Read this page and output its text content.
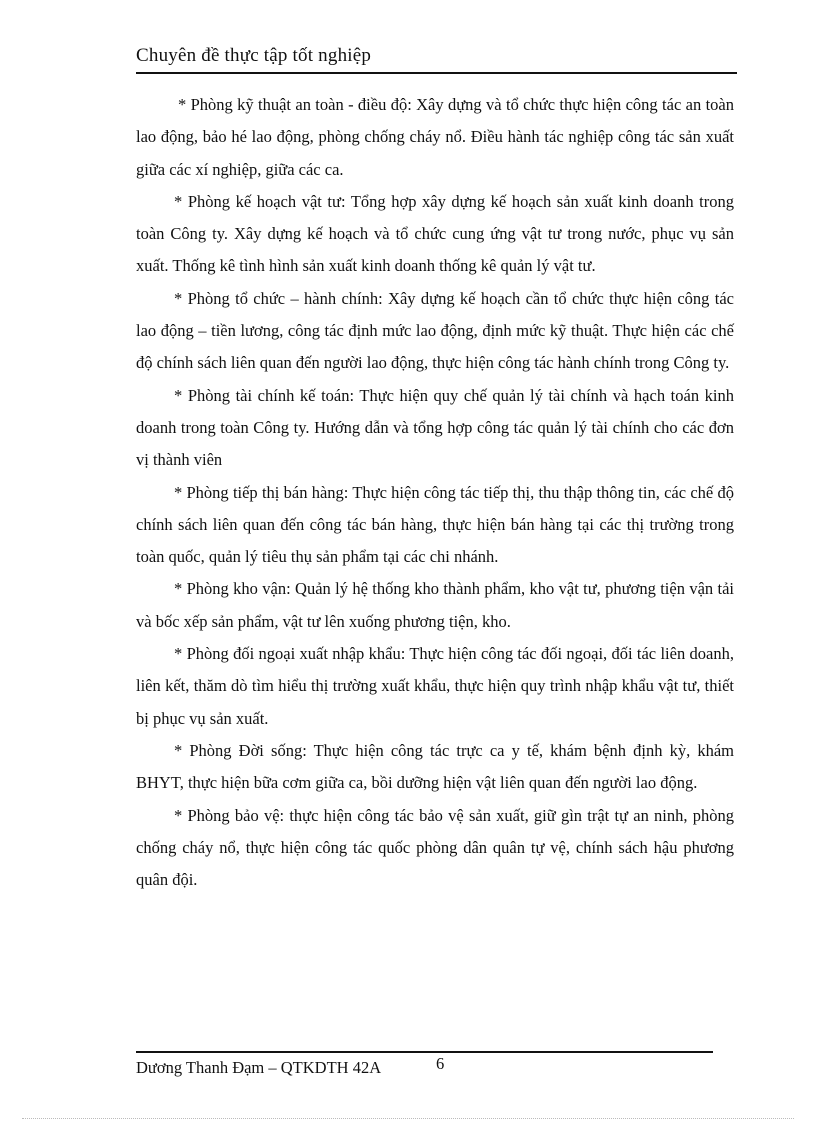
Chuyên đề thực tập tốt nghiệp

* Phòng kỹ thuật an toàn - điều độ: Xây dựng và tổ chức thực hiện công tác an toàn lao động, bảo hé lao động, phòng chống cháy nổ. Điều hành tác nghiệp công tác sản xuất giữa các xí nghiệp, giữa các ca.

* Phòng kế hoạch vật tư: Tổng hợp xây dựng kế hoạch sản xuất kinh doanh trong toàn Công ty. Xây dựng kế hoạch và tổ chức cung ứng vật tư trong nước, phục vụ sản xuất. Thống kê tình hình sản xuất kinh doanh thống kê quản lý vật tư.

* Phòng tổ chức – hành chính: Xây dựng kế hoạch cần tổ chức thực hiện công tác lao động – tiền lương, công tác định mức lao động, định mức kỹ thuật. Thực hiện các chế độ chính sách liên quan đến người lao động, thực hiện công tác hành chính trong Công ty.

* Phòng tài chính kế toán: Thực hiện quy chế quản lý tài chính và hạch toán kinh doanh trong toàn Công ty. Hướng dẫn và tổng hợp công tác quản lý tài chính cho các đơn vị thành viên

* Phòng tiếp thị bán hàng: Thực hiện công tác tiếp thị, thu thập thông tin, các chế độ chính sách liên quan đến công tác bán hàng, thực hiện bán hàng tại các thị trường trong toàn quốc, quản lý tiêu thụ sản phẩm tại các chi nhánh.

* Phòng kho vận: Quản lý hệ thống kho thành phẩm, kho vật tư, phương tiện vận tải và bốc xếp sản phẩm, vật tư lên xuống phương tiện, kho.

* Phòng đối ngoại xuất nhập khẩu: Thực hiện công tác đối ngoại, đối tác liên doanh, liên kết, thăm dò tìm hiểu thị trường xuất khẩu, thực hiện quy trình nhập khẩu vật tư, thiết bị phục vụ sản xuất.

* Phòng Đời sống: Thực hiện công tác trực ca y tế, khám bệnh định kỳ, khám BHYT, thực hiện bữa cơm giữa ca, bồi dưỡng hiện vật liên quan đến người lao động.

* Phòng bảo vệ: thực hiện công tác bảo vệ sản xuất, giữ gìn trật tự an ninh, phòng chống cháy nổ, thực hiện công tác quốc phòng dân quân tự vệ, chính sách hậu phương quân đội.

Dương Thanh Đạm – QTKDTH 42A	6
